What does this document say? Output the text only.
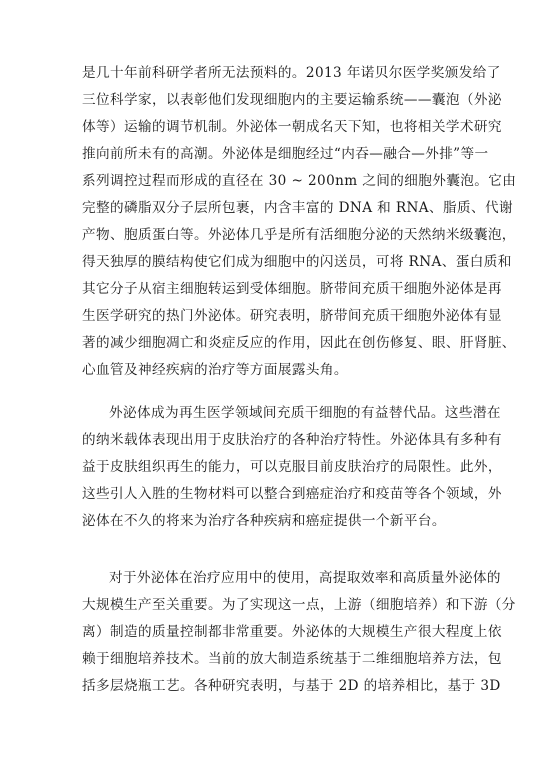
是几十年前科研学者所无法预料的。2013 年诺贝尔医学奖颁发给了
三位科学家，以表彰他们发现细胞内的主要运输系统——囊泡（外泌
体等）运输的调节机制。外泌体一朝成名天下知，也将相关学术研究
推向前所未有的高潮。外泌体是细胞经过“内吞—融合—外排”等一
系列调控过程而形成的直径在 30 ~ 200nm 之间的细胞外囊泡。它由
完整的磷脂双分子层所包裹，内含丰富的 DNA 和 RNA、脂质、代谢
产物、胞质蛋白等。外泌体几乎是所有活细胞分泌的天然纳米级囊泡，
得天独厚的膜结构使它们成为细胞中的闪送员，可将 RNA、蛋白质和
其它分子从宿主细胞转运到受体细胞。脐带间充质干细胞外泌体是再
生医学研究的热门外泌体。研究表明，脐带间充质干细胞外泌体有显
著的减少细胞凋亡和炎症反应的作用，因此在创伤修复、眼、肝肾脏、
心血管及神经疾病的治疗等方面展露头角。
外泌体成为再生医学领域间充质干细胞的有益替代品。这些潜在
的纳米载体表现出用于皮肤治疗的各种治疗特性。外泌体具有多种有
益于皮肤组织再生的能力，可以克服目前皮肤治疗的局限性。此外，
这些引人入胜的生物材料可以整合到癌症治疗和疫苗等各个领域，外
泌体在不久的将来为治疗各种疾病和癌症提供一个新平台。
对于外泌体在治疗应用中的使用，高提取效率和高质量外泌体的
大规模生产至关重要。为了实现这一点，上游（细胞培养）和下游（分
离）制造的质量控制都非常重要。外泌体的大规模生产很大程度上依
赖于细胞培养技术。当前的放大制造系统基于二维细胞培养方法，包
括多层烧瓶工艺。各种研究表明，与基于 2D 的培养相比，基于 3D
